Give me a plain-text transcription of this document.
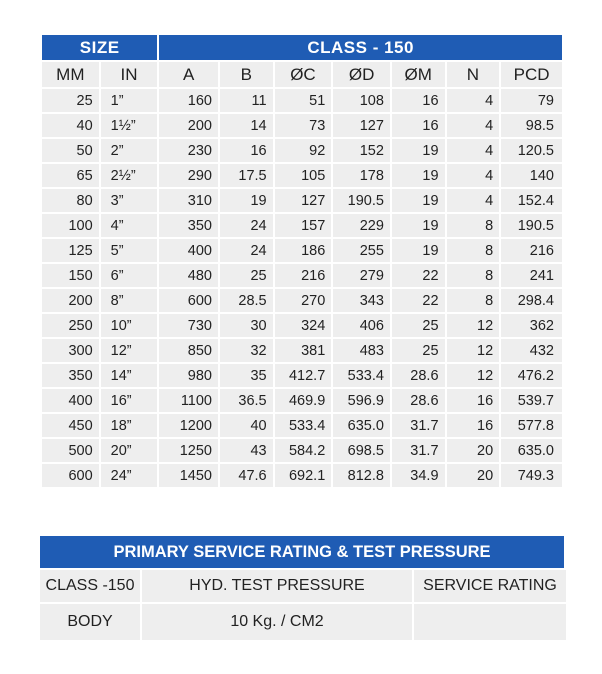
SIZE		CLASS - 150						
MM	IN	A	B	ØC	ØD	ØM	N	PCD
25	1”	160	11	51	108	16	4	79
40	1½”	200	14	73	127	16	4	98.5
50	2”	230	16	92	152	19	4	120.5
65	2½”	290	17.5	105	178	19	4	140
80	3”	310	19	127	190.5	19	4	152.4
100	4”	350	24	157	229	19	8	190.5
125	5”	400	24	186	255	19	8	216
150	6”	480	25	216	279	22	8	241
200	8”	600	28.5	270	343	22	8	298.4
250	10”	730	30	324	406	25	12	362
300	12”	850	32	381	483	25	12	432
350	14”	980	35	412.7	533.4	28.6	12	476.2
400	16”	1100	36.5	469.9	596.9	28.6	16	539.7
450	18”	1200	40	533.4	635.0	31.7	16	577.8
500	20”	1250	43	584.2	698.5	31.7	20	635.0
600	24”	1450	47.6	692.1	812.8	34.9	20	749.3
PRIMARY SERVICE RATING & TEST PRESSURE
CLASS -150	HYD. TEST PRESSURE	SERVICE RATING
BODY	10 Kg. / CM2	
